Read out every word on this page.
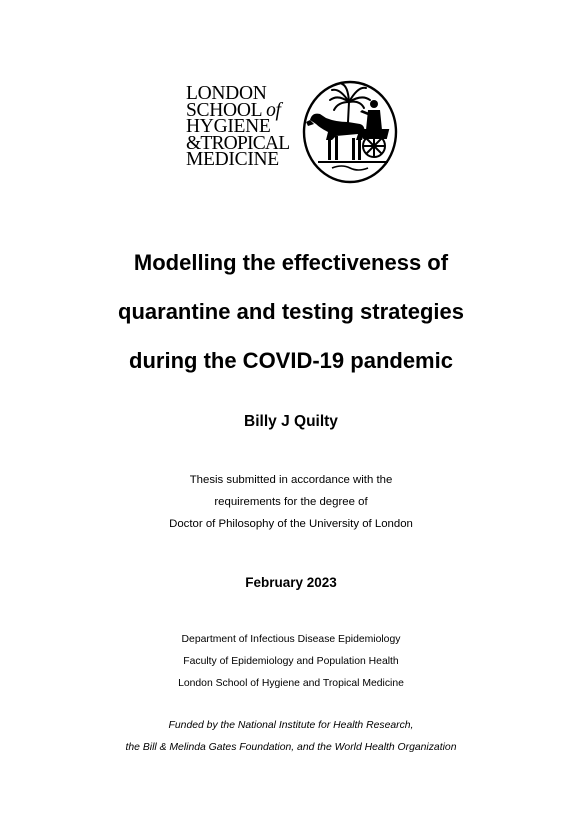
LONDON
SCHOOL of
HYGIENE
&TROPICAL
MEDICINE
Modelling the effectiveness of
quarantine and testing strategies
during the COVID-19 pandemic
Billy J Quilty
Thesis submitted in accordance with the
requirements for the degree of
Doctor of Philosophy of the University of London
February 2023
Department of Infectious Disease Epidemiology
Faculty of Epidemiology and Population Health
London School of Hygiene and Tropical Medicine
Funded by the National Institute for Health Research,
the Bill & Melinda Gates Foundation, and the World Health Organization
